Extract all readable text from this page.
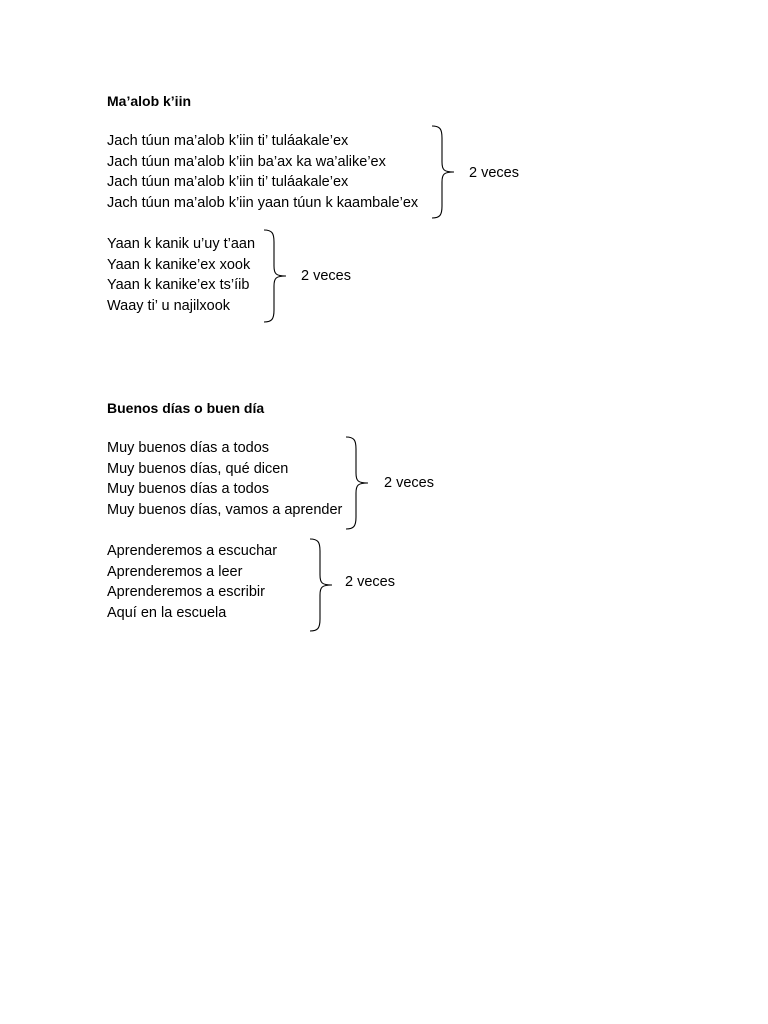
Ma’alob k’iin
Jach túun ma’alob k’iin ti’ tuláakale’ex
Jach túun ma’alob k’iin ba’ax ka wa’alike’ex
Jach túun ma’alob k’iin ti’ tuláakale’ex
Jach túun ma’alob k’iin yaan túun k kaambale’ex
2 veces
Yaan k kanik u’uy t’aan
Yaan k kanike’ex xook
Yaan k kanike’ex ts’íib
Waay ti’ u najilxook
2 veces
Buenos días o buen día
Muy buenos días a todos
Muy buenos días, qué dicen
Muy buenos días a todos
Muy buenos días, vamos a aprender
2 veces
Aprenderemos a escuchar
Aprenderemos a leer
Aprenderemos a escribir
Aquí en la escuela
2 veces
